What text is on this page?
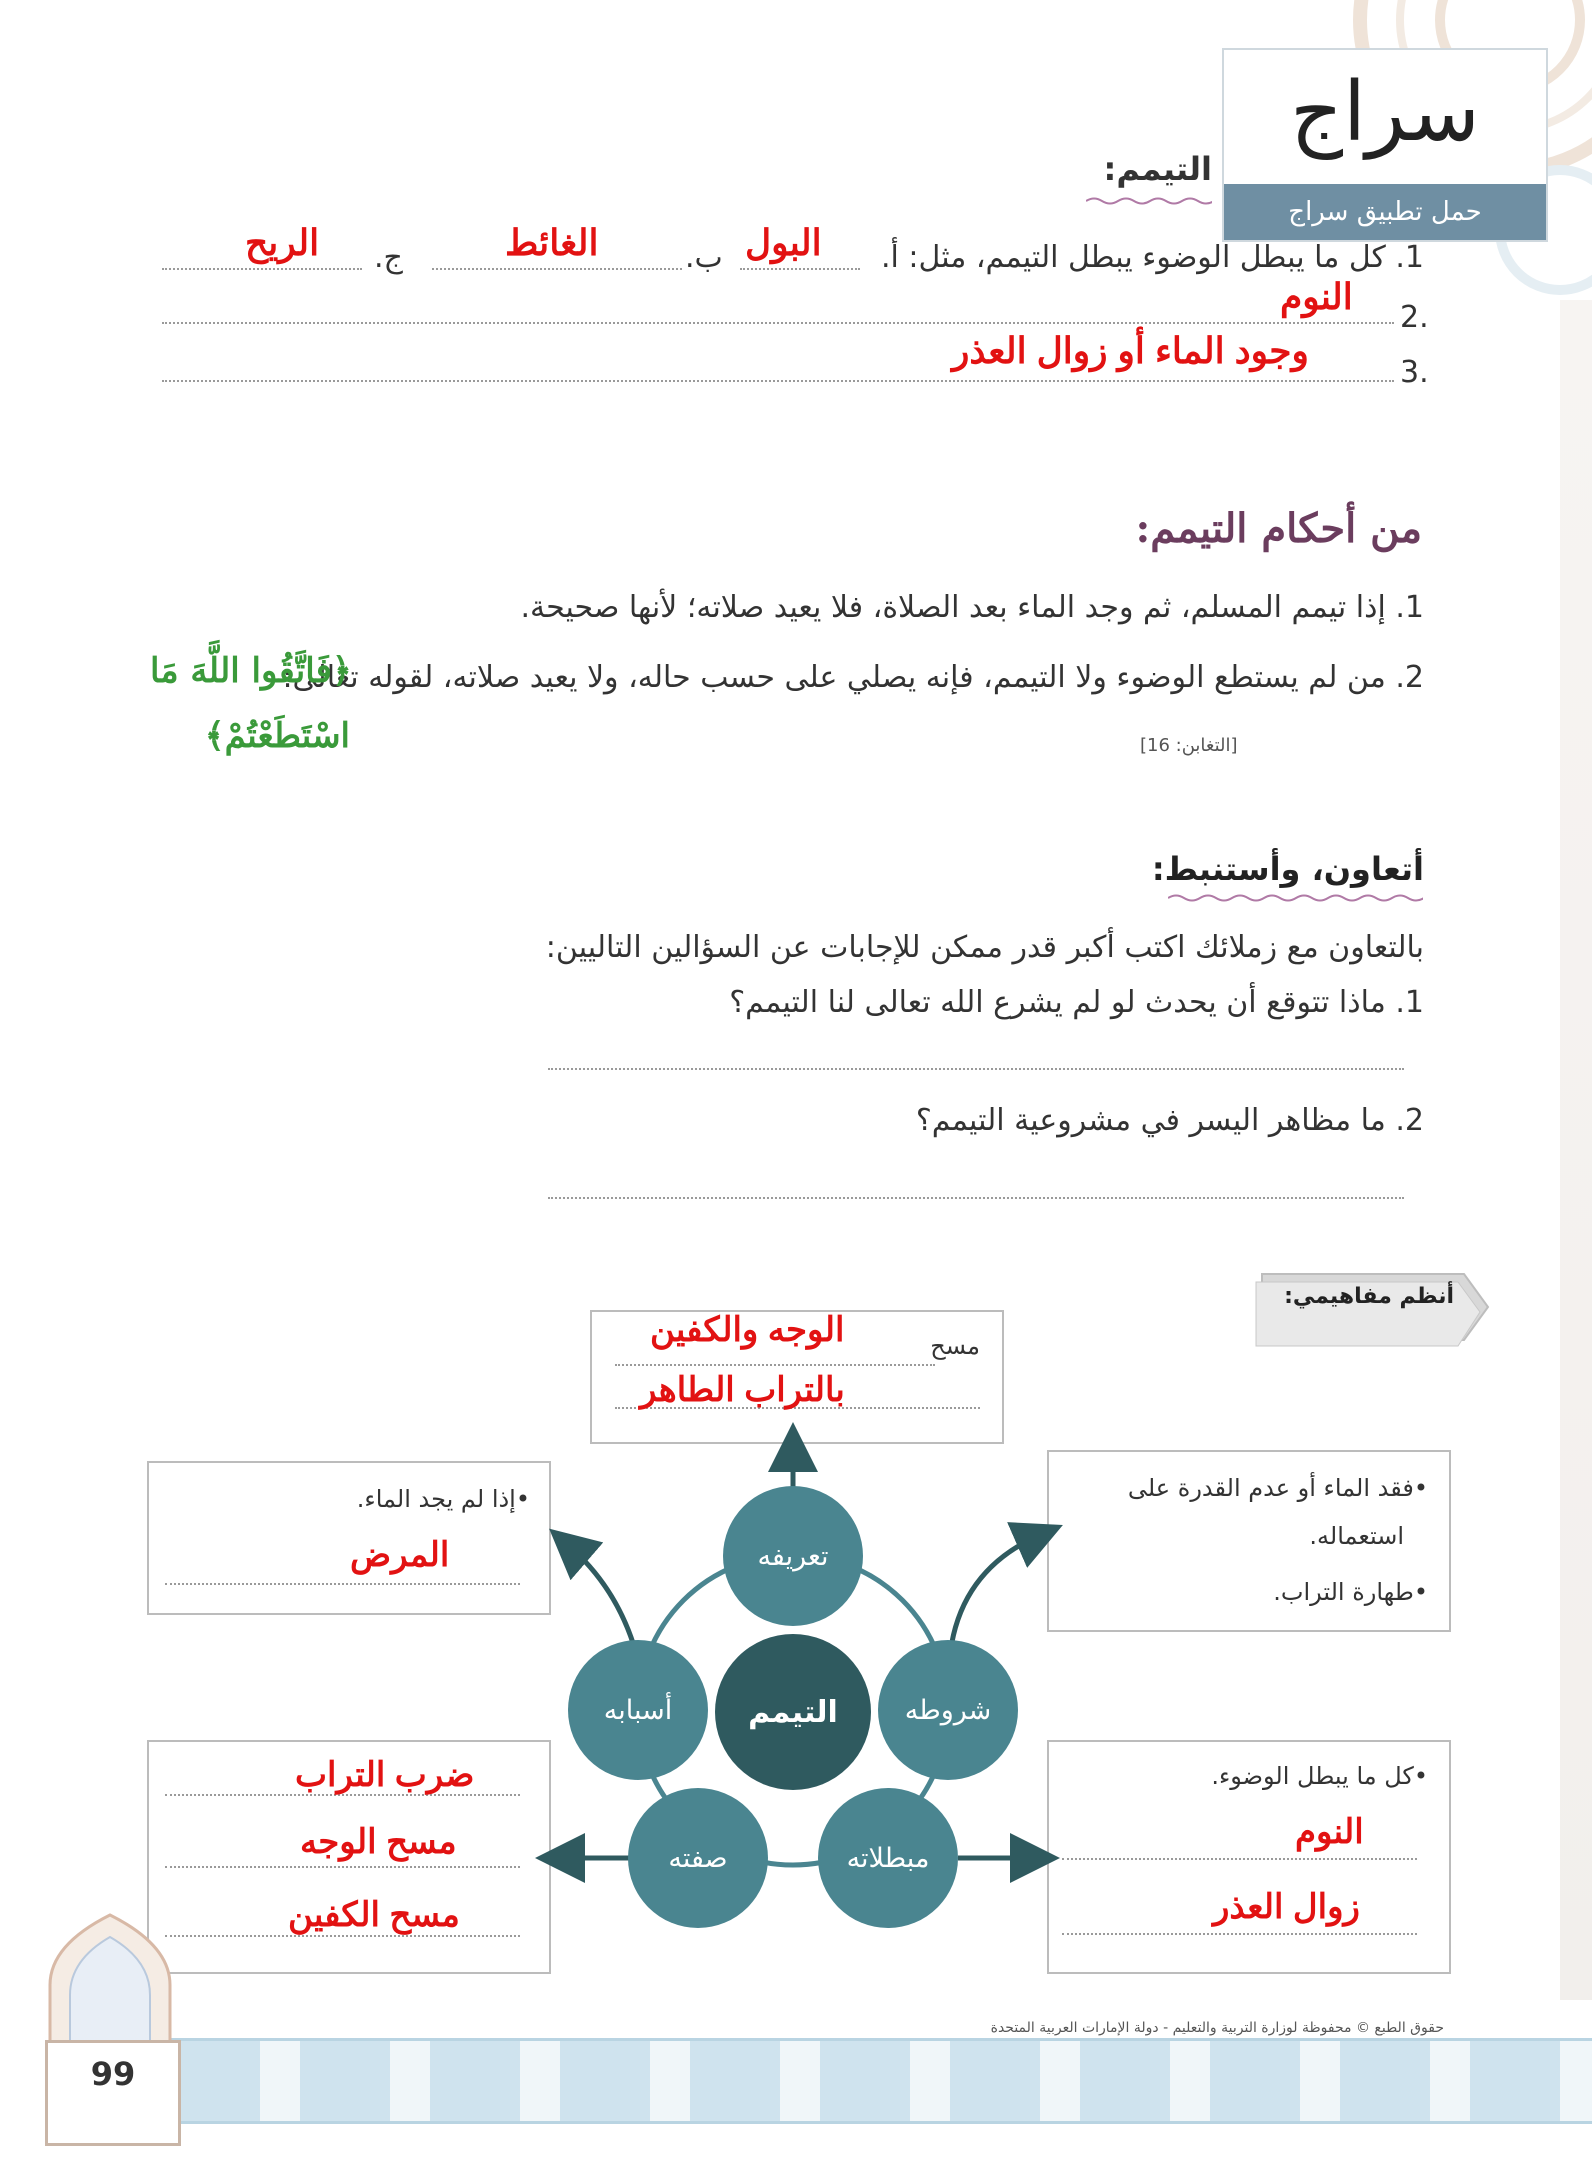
سراج
حمل تطبيق سراج
التيمم:
1. كل ما يبطل الوضوء يبطل التيمم، مثل: أ.
ب.
ج.	البول
الغائط
الريح
.2
النوم
.3
وجود الماء أو زوال العذر
من أحكام التيمم:
1. إذا تيمم المسلم، ثم وجد الماء بعد الصلاة، فلا يعيد صلاته؛ لأنها صحيحة.
2. من لم يستطع الوضوء ولا التيمم، فإنه يصلي على حسب حاله، ولا يعيد صلاته، لقوله تعالى:
﴿فَاتَّقُوا اللَّهَ مَا
اسْتَطَعْتُمْ﴾	[التغابن: 16]
أتعاون، وأستنبط:
بالتعاون مع زملائك اكتب أكبر قدر ممكن للإجابات عن السؤالين التاليين:
1. ماذا تتوقع أن يحدث لو لم يشرع الله تعالى لنا التيمم؟
2. ما مظاهر اليسر في مشروعية التيمم؟
أنظم مفاهيمي:
مسح
الوجه والكفين
بالتراب الطاهر
•إذا لم يجد الماء.
المرض
•فقد الماء أو عدم القدرة على
استعماله.
•طهارة التراب.
ضرب التراب
مسح الوجه
مسح الكفين
•كل ما يبطل الوضوء.
النوم
زوال العذر
تعريفه
أسبابه	شروطه
صفته	مبطلاته
التيمم
حقوق الطبع © محفوظة لوزارة التربية والتعليم - دولة الإمارات العربية المتحدة
99
